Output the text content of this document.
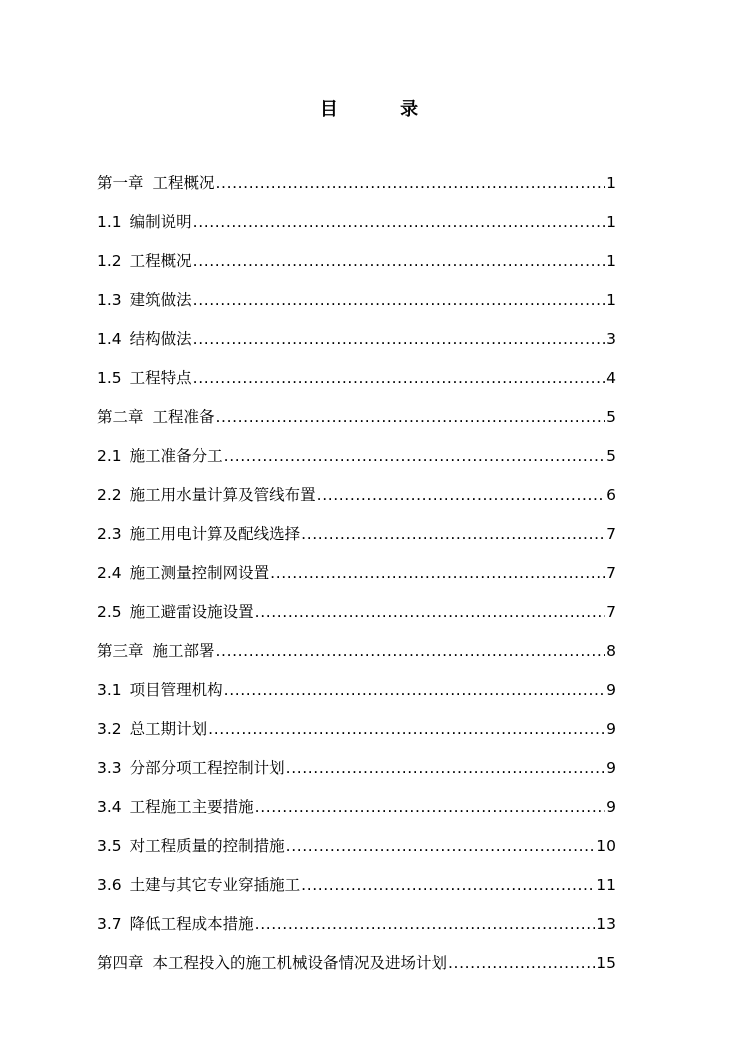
目 录
第一章 工程概况 .....	1
1.1 编制说明 .....	1
1.2 工程概况 .....	1
1.3 建筑做法 .....	1
1.4 结构做法 .....	3
1.5 工程特点 .....	4
第二章 工程准备 .....	5
2.1 施工准备分工 .....	5
2.2 施工用水量计算及管线布置 .....	6
2.3 施工用电计算及配线选择 .....	7
2.4 施工测量控制网设置 .....	7
2.5 施工避雷设施设置 .....	7
第三章 施工部署 .....	8
3.1 项目管理机构 .....	9
3.2 总工期计划 .....	9
3.3 分部分项工程控制计划 .....	9
3.4 工程施工主要措施 .....	9
3.5 对工程质量的控制措施 .....	10
3.6 土建与其它专业穿插施工 .....	11
3.7 降低工程成本措施 .....	13
第四章 本工程投入的施工机械设备情况及进场计划 .....	15
